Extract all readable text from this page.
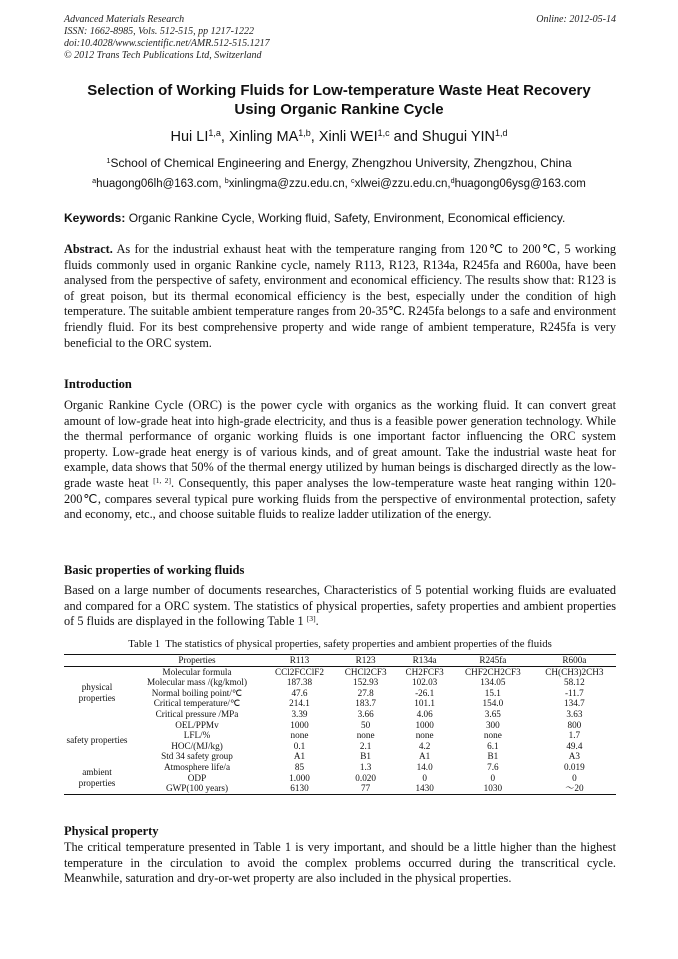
Advanced Materials Research
ISSN: 1662-8985, Vols. 512-515, pp 1217-1222
doi:10.4028/www.scientific.net/AMR.512-515.1217
© 2012 Trans Tech Publications Ltd, Switzerland
Online: 2012-05-14
Selection of Working Fluids for Low-temperature Waste Heat Recovery
Using Organic Rankine Cycle
Hui LI$^{1,a}$, Xinling MA$^{1,b}$, Xinli WEI$^{1,c}$ and Shugui YIN$^{1,d}$
$^1$School of Chemical Engineering and Energy, Zhengzhou University, Zhengzhou, China
$^a$huagong06lh@163.com, $^b$xinlingma@zzu.edu.cn, $^c$xlwei@zzu.edu.cn,$^d$huagong06ysg@163.com
Keywords: Organic Rankine Cycle, Working fluid, Safety, Environment, Economical efficiency.
Abstract. As for the industrial exhaust heat with the temperature ranging from 120℃ to 200℃, 5 working fluids commonly used in organic Rankine cycle, namely R113, R123, R134a, R245fa and R600a, have been analysed from the perspective of safety, environment and economical efficiency. The results show that: R123 is of great poison, but its thermal economical efficiency is the best, especially under the condition of high temperature. The suitable ambient temperature ranges from 20-35℃. R245fa belongs to a safe and environment friendly fluid. For its best comprehensive property and wide range of ambient temperature, R245fa is very beneficial to the ORC system.
Introduction
Organic Rankine Cycle (ORC) is the power cycle with organics as the working fluid. It can convert great amount of low-grade heat into high-grade electricity, and thus is a feasible power generation technology. While the thermal performance of organic working fluids is one important factor influencing the ORC system property. Low-grade heat energy is of various kinds, and of great amount. Take the industrial waste heat for example, data shows that 50% of the thermal energy utilized by human beings is discharged directly as the low-grade waste heat [1, 2]. Consequently, this paper analyses the low-temperature waste heat ranging within 120-200℃, compares several typical pure working fluids from the perspective of environmental protection, safety and economy, etc., and choose suitable fluids to realize ladder utilization of the energy.
Basic properties of working fluids
Based on a large number of documents researches, Characteristics of 5 potential working fluids are evaluated and compared for a ORC system. The statistics of physical properties, safety properties and ambient properties of 5 fluids are displayed in the following Table 1 [3].
Table 1  The statistics of physical properties, safety properties and ambient properties of the fluids
	Properties	R113	R123	R134a	R245fa	R600a
physical properties	Molecular formula	CCl2FCClF2	CHCl2CF3	CH2FCF3	CHF2CH2CF3	CH(CH3)2CH3
	Molecular mass /(kg/kmol)	187.38	152.93	102.03	134.05	58.12
	Normal boiling point/℃	47.6	27.8	-26.1	15.1	-11.7
	Critical temperature/℃	214.1	183.7	101.1	154.0	134.7
	Critical pressure /MPa	3.39	3.66	4.06	3.65	3.63
safety properties	OEL/PPMv	1000	50	1000	300	800
	LFL/%	none	none	none	none	1.7
	HOC/(MJ/kg)	0.1	2.1	4.2	6.1	49.4
	Std 34 safety group	A1	B1	A1	B1	A3
ambient properties	Atmosphere life/a	85	1.3	14.0	7.6	0.019
	ODP	1.000	0.020	0	0	0
	GWP(100 years)	6130	77	1430	1030	～20
Physical property
The critical temperature presented in Table 1 is very important, and should be a little higher than the highest temperature in the circulation to avoid the complex problems occurred during the transcritical cycle. Meanwhile, saturation and dry-or-wet property are also included in the physical properties.
